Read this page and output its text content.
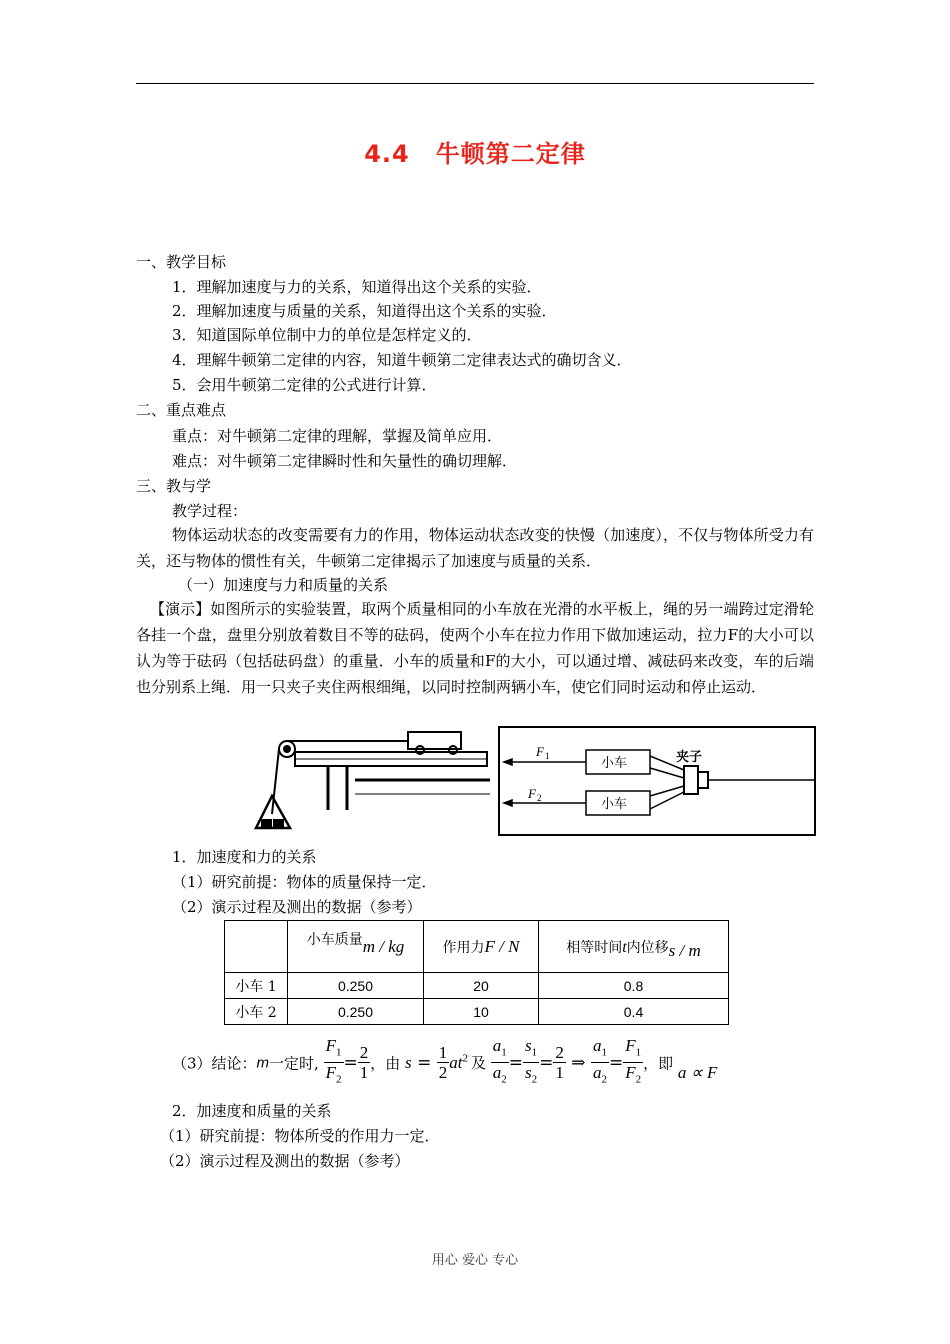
4.4 牛顿第二定律
一、教学目标
1．理解加速度与力的关系，知道得出这个关系的实验．
2．理解加速度与质量的关系，知道得出这个关系的实验．
3．知道国际单位制中力的单位是怎样定义的．
4．理解牛顿第二定律的内容，知道牛顿第二定律表达式的确切含义．
5．会用牛顿第二定律的公式进行计算．
二、重点难点
重点：对牛顿第二定律的理解，掌握及简单应用．
难点：对牛顿第二定律瞬时性和矢量性的确切理解．
三、教与学
教学过程：
物体运动状态的改变需要有力的作用，物体运动状态改变的快慢（加速度），不仅与物体所受力有关，还与物体的惯性有关，牛顿第二定律揭示了加速度与质量的关系．
（一）加速度与力和质量的关系
【演示】如图所示的实验装置，取两个质量相同的小车放在光滑的水平板上，绳的另一端跨过定滑轮各挂一个盘，盘里分别放着数目不等的砝码，使两个小车在拉力作用下做加速运动，拉力F的大小可以认为等于砝码（包括砝码盘）的重量．小车的质量和F的大小，可以通过增、减砝码来改变，车的后端也分别系上绳．用一只夹子夹住两根细绳，以同时控制两辆小车，使它们同时运动和停止运动．
F 1
F 2
小车
小车
夹子
1．加速度和力的关系
（1）研究前提：物体的质量保持一定．
（2）演示过程及测出的数据（参考）
	小车质量m / kg	作用力F / N	相等时间t内位移s / m
小车 1	0.250	20	0.8
小车 2	0.250	10	0.4
（3）结论：m一定时, $\frac{F_1}{F_2} = \frac{2}{1}$ ，由 $s = \frac{1}{2} at^2$ 及 $\frac{a_1}{a_2} = \frac{s_1}{s_2} = \frac{2}{1}$ ⇒ $\frac{a_1}{a_2} = \frac{F_1}{F_2}$ ，即 a ∝ F
2．加速度和质量的关系
（1）研究前提：物体所受的作用力一定．
（2）演示过程及测出的数据（参考）
用心 爱心 专心
